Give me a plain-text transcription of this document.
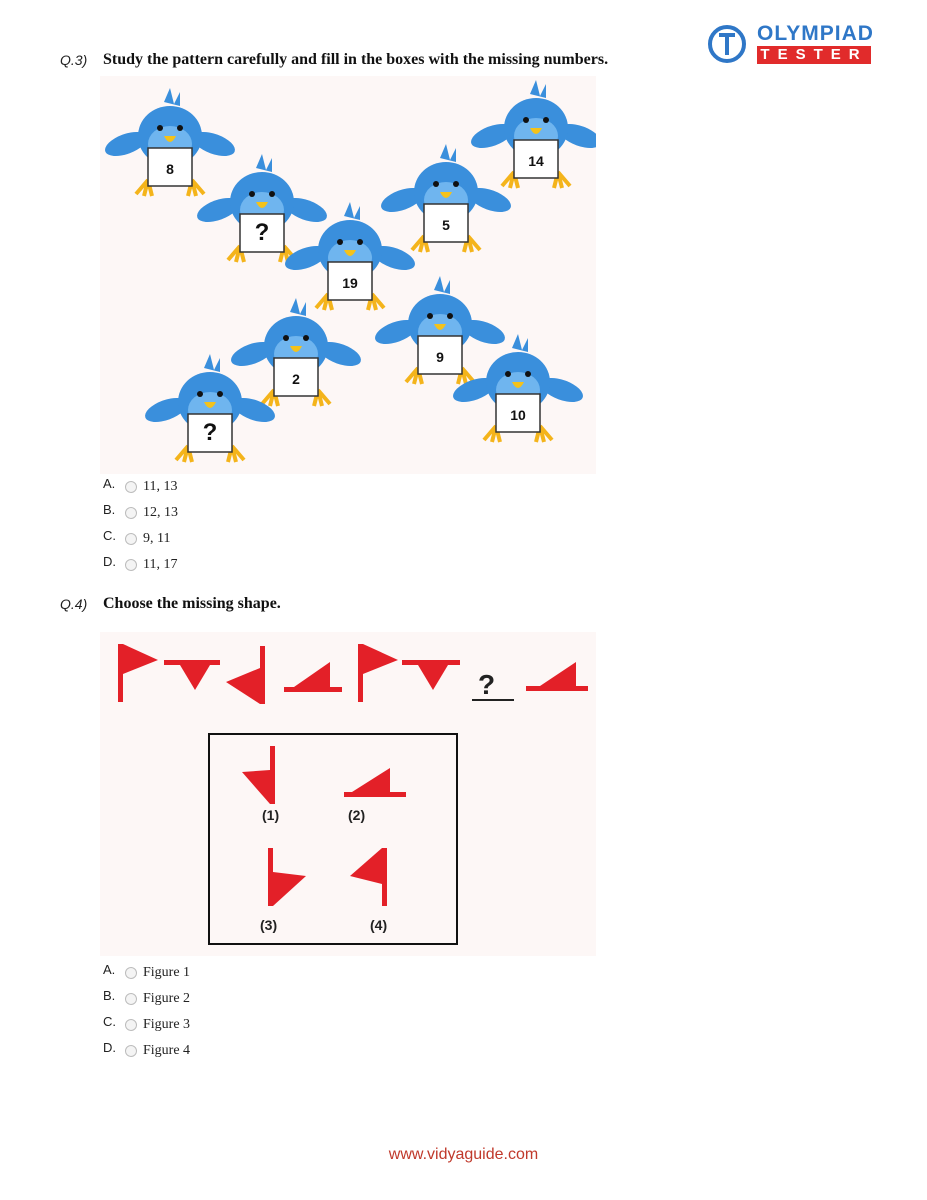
OLYMPIAD
TESTER
Q.3) Study the pattern carefully and fill in the boxes with the missing numbers.
8	14
?	5
19
2
9
?
10
A. 11, 13
B. 12, 13
C. 9, 11
D. 11, 17
Q.4) Choose the missing shape.
?
(1)	(2)
(3)	(4)
A. Figure 1
B. Figure 2
C. Figure 3
D. Figure 4
www.vidyaguide.com
